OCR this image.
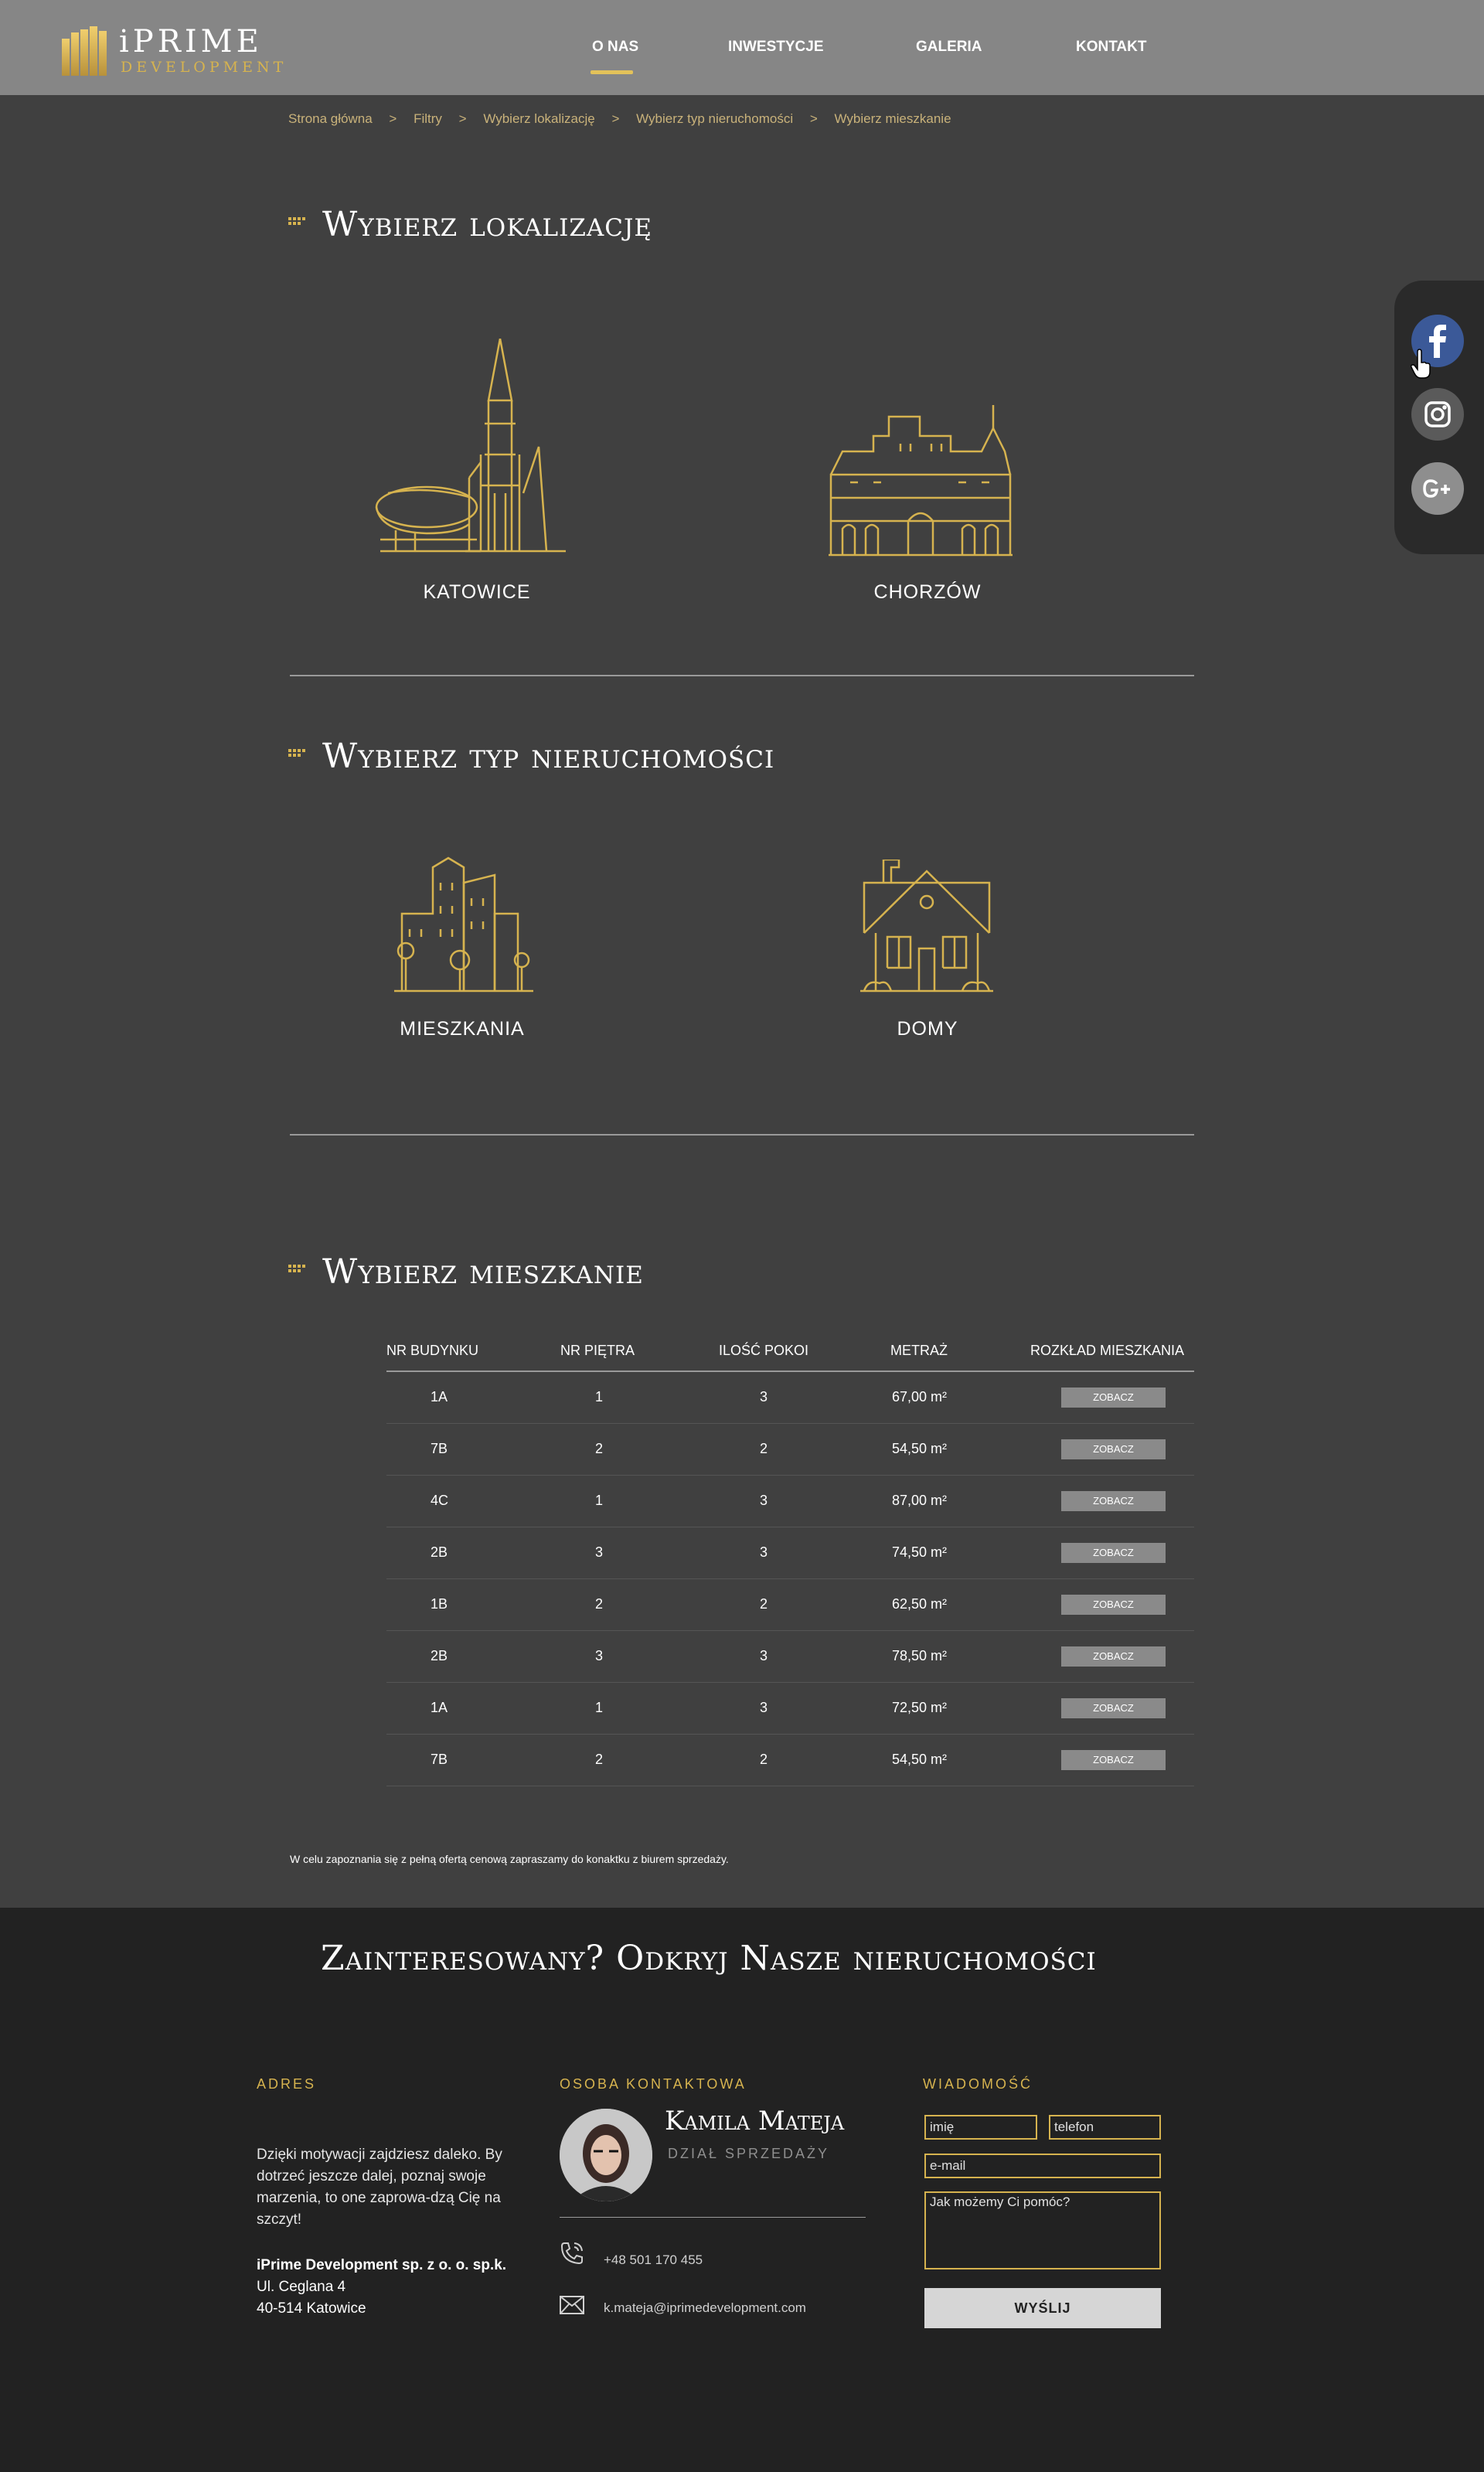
iPRIME
DEVELOPMENT
O NAS	INWESTYCJE	GALERIA	KONTAKT
Strona główna > Filtry > Wybierz lokalizację > Wybierz typ nieruchomości > Wybierz mieszkanie
Wybierz lokalizację
KATOWICE	CHORZÓW
Wybierz typ nieruchomości
MIESZKANIA	DOMY
Wybierz mieszkanie
NR BUDYNKU	NR PIĘTRA	ILOŚĆ POKOI	METRAŻ	ROZKŁAD MIESZKANIA
1A	1	3	67,00 m²	ZOBACZ
7B	2	2	54,50 m²	ZOBACZ
4C	1	3	87,00 m²	ZOBACZ
2B	3	3	74,50 m²	ZOBACZ
1B	2	2	62,50 m²	ZOBACZ
2B	3	3	78,50 m²	ZOBACZ
1A	1	3	72,50 m²	ZOBACZ
7B	2	2	54,50 m²	ZOBACZ
W celu zapoznania się z pełną ofertą cenową zapraszamy do konaktku z biurem sprzedaży.
Zainteresowany? Odkryj Nasze nieruchomości
ADRES
Dzięki motywacji zajdziesz daleko. By dotrzeć jeszcze dalej, poznaj swoje marzenia, to one zaprowa-dzą Cię na szczyt!
iPrime Development sp. z o. o. sp.k.
Ul. Ceglana 4
40-514 Katowice
OSOBA KONTAKTOWA
Kamila Mateja
DZIAŁ SPRZEDAŻY
+48 501 170 455
k.mateja@iprimedevelopment.com
WIADOMOŚĆ
imię
telefon
e-mail
Jak możemy Ci pomóc?
WYŚLIJ
